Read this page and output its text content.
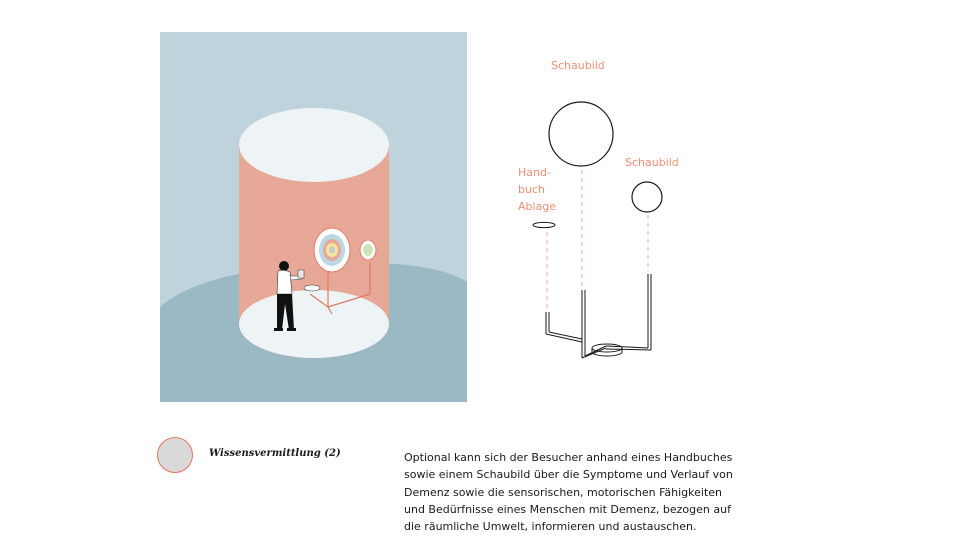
Schaubild
Schaubild
Hand-
buch
Ablage
Wissensvermittlung (2)	Optional kann sich der Besucher anhand eines Handbuches
sowie einem Schaubild über die Symptome und Verlauf von
Demenz sowie die sensorischen, motorischen Fähigkeiten
und Bedürfnisse eines Menschen mit Demenz, bezogen auf
die räumliche Umwelt, informieren und austauschen.
